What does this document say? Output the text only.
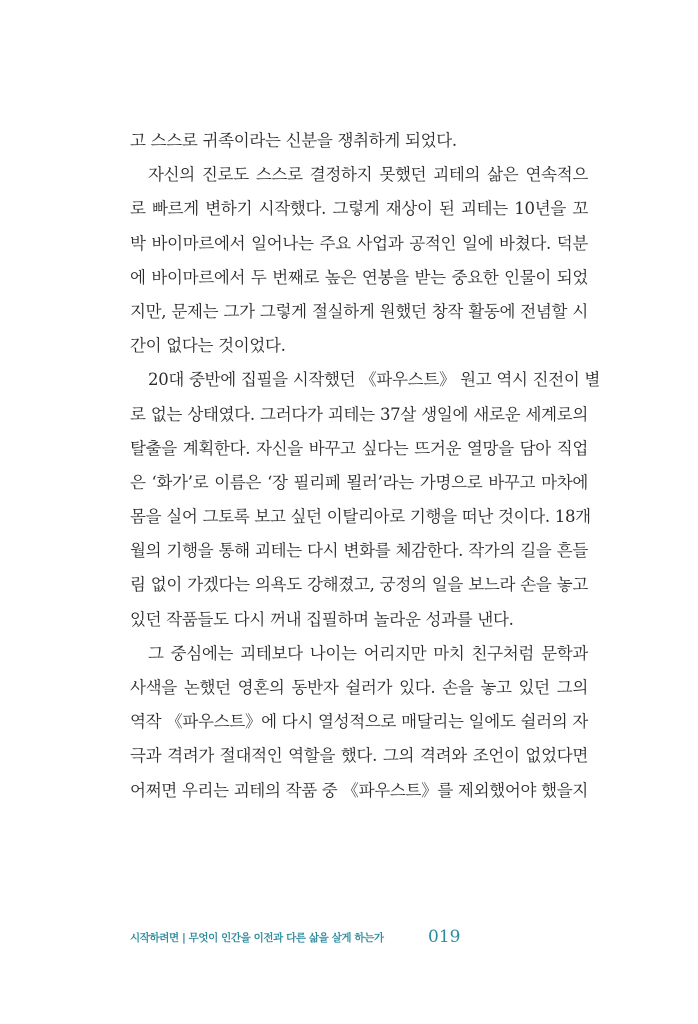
고 스스로 귀족이라는 신분을 쟁취하게 되었다.
자신의 진로도 스스로 결정하지 못했던 괴테의 삶은 연속적으
로 빠르게 변하기 시작했다. 그렇게 재상이 된 괴테는 10년을 꼬
박 바이마르에서 일어나는 주요 사업과 공적인 일에 바쳤다. 덕분
에 바이마르에서 두 번째로 높은 연봉을 받는 중요한 인물이 되었
지만, 문제는 그가 그렇게 절실하게 원했던 창작 활동에 전념할 시
간이 없다는 것이었다.
20대 중반에 집필을 시작했던 《파우스트》 원고 역시 진전이 별
로 없는 상태였다. 그러다가 괴테는 37살 생일에 새로운 세계로의
탈출을 계획한다. 자신을 바꾸고 싶다는 뜨거운 열망을 담아 직업
은 ‘화가’로 이름은 ‘장 필리페 묄러’라는 가명으로 바꾸고 마차에
몸을 실어 그토록 보고 싶던 이탈리아로 기행을 떠난 것이다. 18개
월의 기행을 통해 괴테는 다시 변화를 체감한다. 작가의 길을 흔들
림 없이 가겠다는 의욕도 강해졌고, 궁정의 일을 보느라 손을 놓고
있던 작품들도 다시 꺼내 집필하며 놀라운 성과를 낸다.
그 중심에는 괴테보다 나이는 어리지만 마치 친구처럼 문학과
사색을 논했던 영혼의 동반자 쉴러가 있다. 손을 놓고 있던 그의
역작 《파우스트》에 다시 열성적으로 매달리는 일에도 쉴러의 자
극과 격려가 절대적인 역할을 했다. 그의 격려와 조언이 없었다면
어쩌면 우리는 괴테의 작품 중 《파우스트》를 제외했어야 했을지
시작하려면 | 무엇이 인간을 이전과 다른 삶을 살게 하는가	019
